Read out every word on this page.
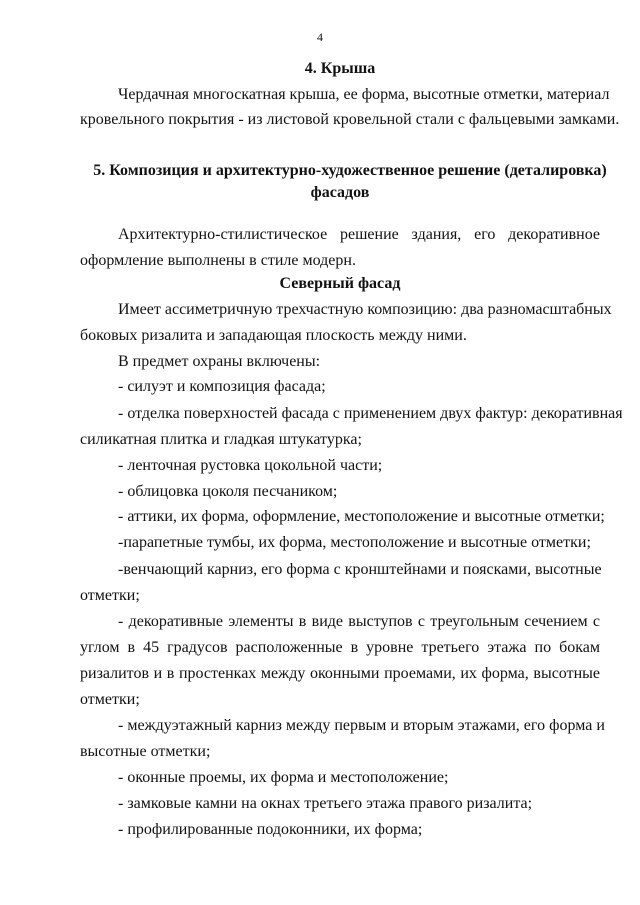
4
4. Крыша
Чердачная многоскатная крыша, ее форма, высотные отметки, материал
кровельного покрытия - из листовой кровельной стали с фальцевыми замками.
5. Композиция и архитектурно-художественное решение (деталировка)
фасадов
Архитектурно-стилистическое решение здания, его декоративное
оформление выполнены в стиле модерн.
Северный фасад
Имеет ассиметричную трехчастную композицию: два разномасштабных
боковых ризалита и западающая плоскость между ними.
В предмет охраны включены:
- силуэт и композиция фасада;
- отделка поверхностей фасада с применением двух фактур: декоративная
силикатная плитка и гладкая штукатурка;
- ленточная рустовка цокольной части;
- облицовка цоколя песчаником;
- аттики, их форма, оформление, местоположение и высотные отметки;
-парапетные тумбы, их форма, местоположение и высотные отметки;
-венчающий карниз, его форма с кронштейнами и поясками, высотные
отметки;
- декоративные элементы в виде выступов с треугольным сечением с
углом в 45 градусов расположенные в уровне третьего этажа по бокам
ризалитов и в простенках между оконными проемами, их форма, высотные
отметки;
- междуэтажный карниз между первым и вторым этажами, его форма и
высотные отметки;
- оконные проемы, их форма и местоположение;
- замковые камни на окнах третьего этажа правого ризалита;
- профилированные подоконники, их форма;
